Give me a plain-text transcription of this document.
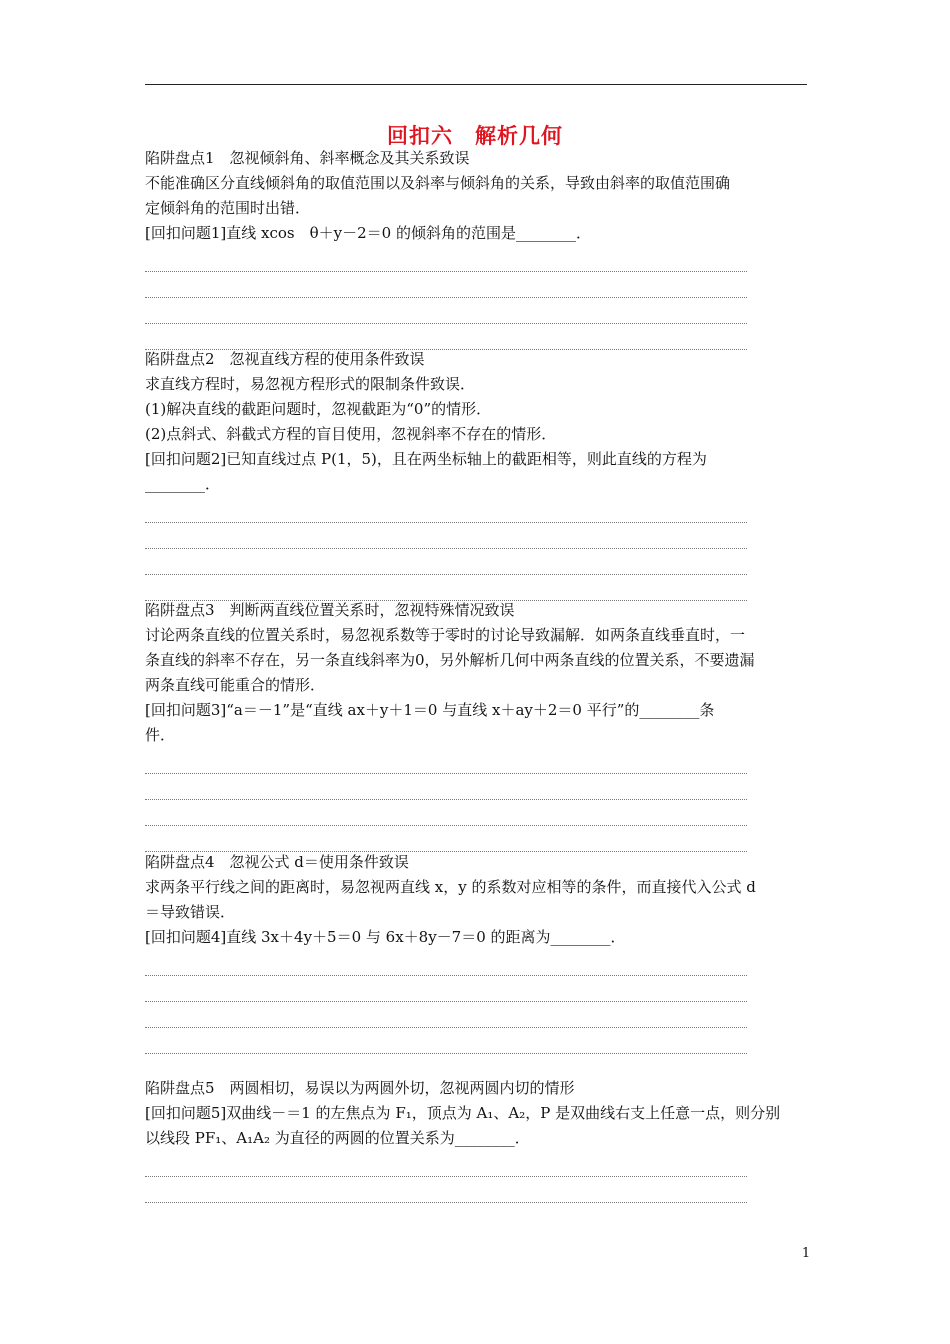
回扣六　解析几何
陷阱盘点1　忽视倾斜角、斜率概念及其关系致误
不能准确区分直线倾斜角的取值范围以及斜率与倾斜角的关系，导致由斜率的取值范围确
定倾斜角的范围时出错．
[回扣问题1]直线 xcos　θ＋y－2＝0 的倾斜角的范围是________．
陷阱盘点2　忽视直线方程的使用条件致误
求直线方程时，易忽视方程形式的限制条件致误．
(1)解决直线的截距问题时，忽视截距为“0”的情形．
(2)点斜式、斜截式方程的盲目使用，忽视斜率不存在的情形．
[回扣问题2]已知直线过点 P(1，5)，且在两坐标轴上的截距相等，则此直线的方程为
________．
陷阱盘点3　判断两直线位置关系时，忽视特殊情况致误
讨论两条直线的位置关系时，易忽视系数等于零时的讨论导致漏解．如两条直线垂直时，一
条直线的斜率不存在，另一条直线斜率为0，另外解析几何中两条直线的位置关系，不要遗漏
两条直线可能重合的情形．
[回扣问题3]“a＝－1”是“直线 ax＋y＋1＝0 与直线 x＋ay＋2＝0 平行”的________条
件．
陷阱盘点4　忽视公式 d＝使用条件致误
求两条平行线之间的距离时，易忽视两直线 x，y 的系数对应相等的条件，而直接代入公式 d
＝导致错误．
[回扣问题4]直线 3x＋4y＋5＝0 与 6x＋8y－7＝0 的距离为________．
陷阱盘点5　两圆相切，易误以为两圆外切，忽视两圆内切的情形
[回扣问题5]双曲线－＝1 的左焦点为 F₁，顶点为 A₁、A₂，P 是双曲线右支上任意一点，则分别
以线段 PF₁、A₁A₂ 为直径的两圆的位置关系为________．
1
